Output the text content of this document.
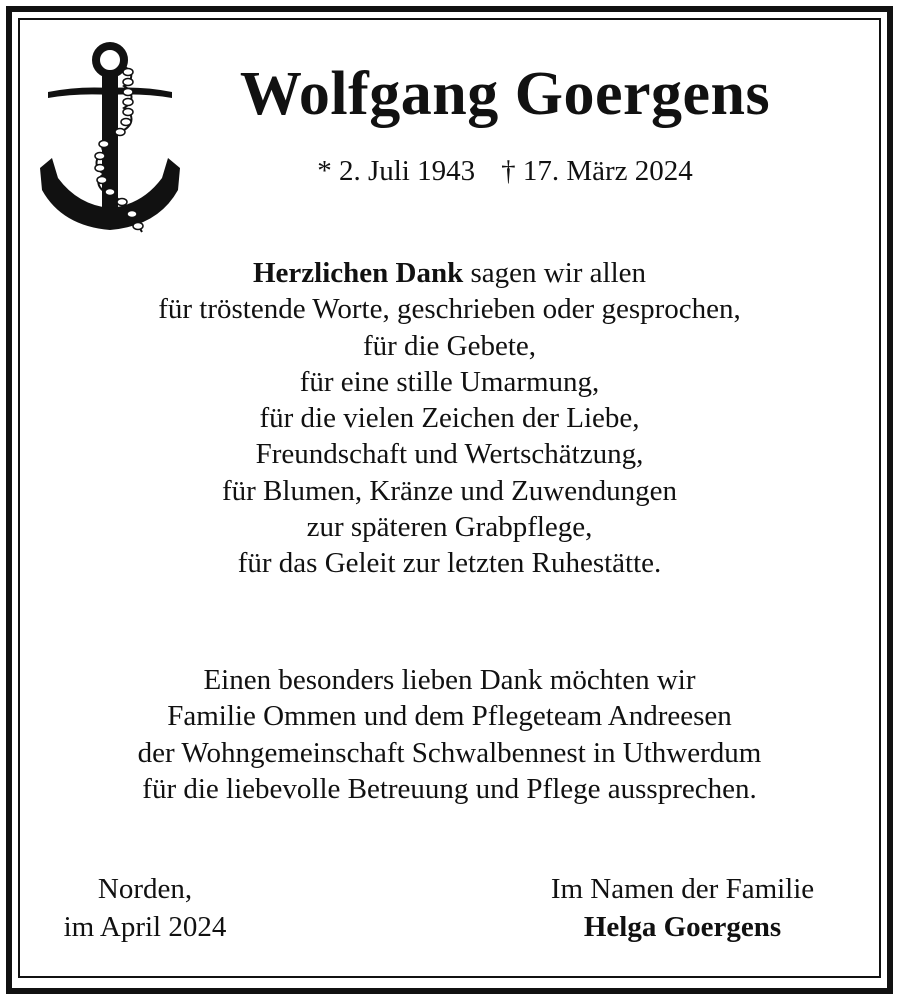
Wolfgang Goergens
* 2. Juli 1943 † 17. März 2024

Herzlichen Dank sagen wir allen

für tröstende Worte, geschrieben oder gesprochen,

für die Gebete,

für eine stille Umarmung,

für die vielen Zeichen der Liebe,

Freundschaft und Wertschätzung,

für Blumen, Kränze und Zuwendungen

zur späteren Grabpflege,

für das Geleit zur letzten Ruhestätte.

Einen besonders lieben Dank möchten wir

Familie Ommen und dem Pflegeteam Andreesen

der Wohngemeinschaft Schwalbennest in Uthwerdum

für die liebevolle Betreuung und Pflege aussprechen.

Norden,
im April 2024
Im Namen der Familie
Helga Goergens
